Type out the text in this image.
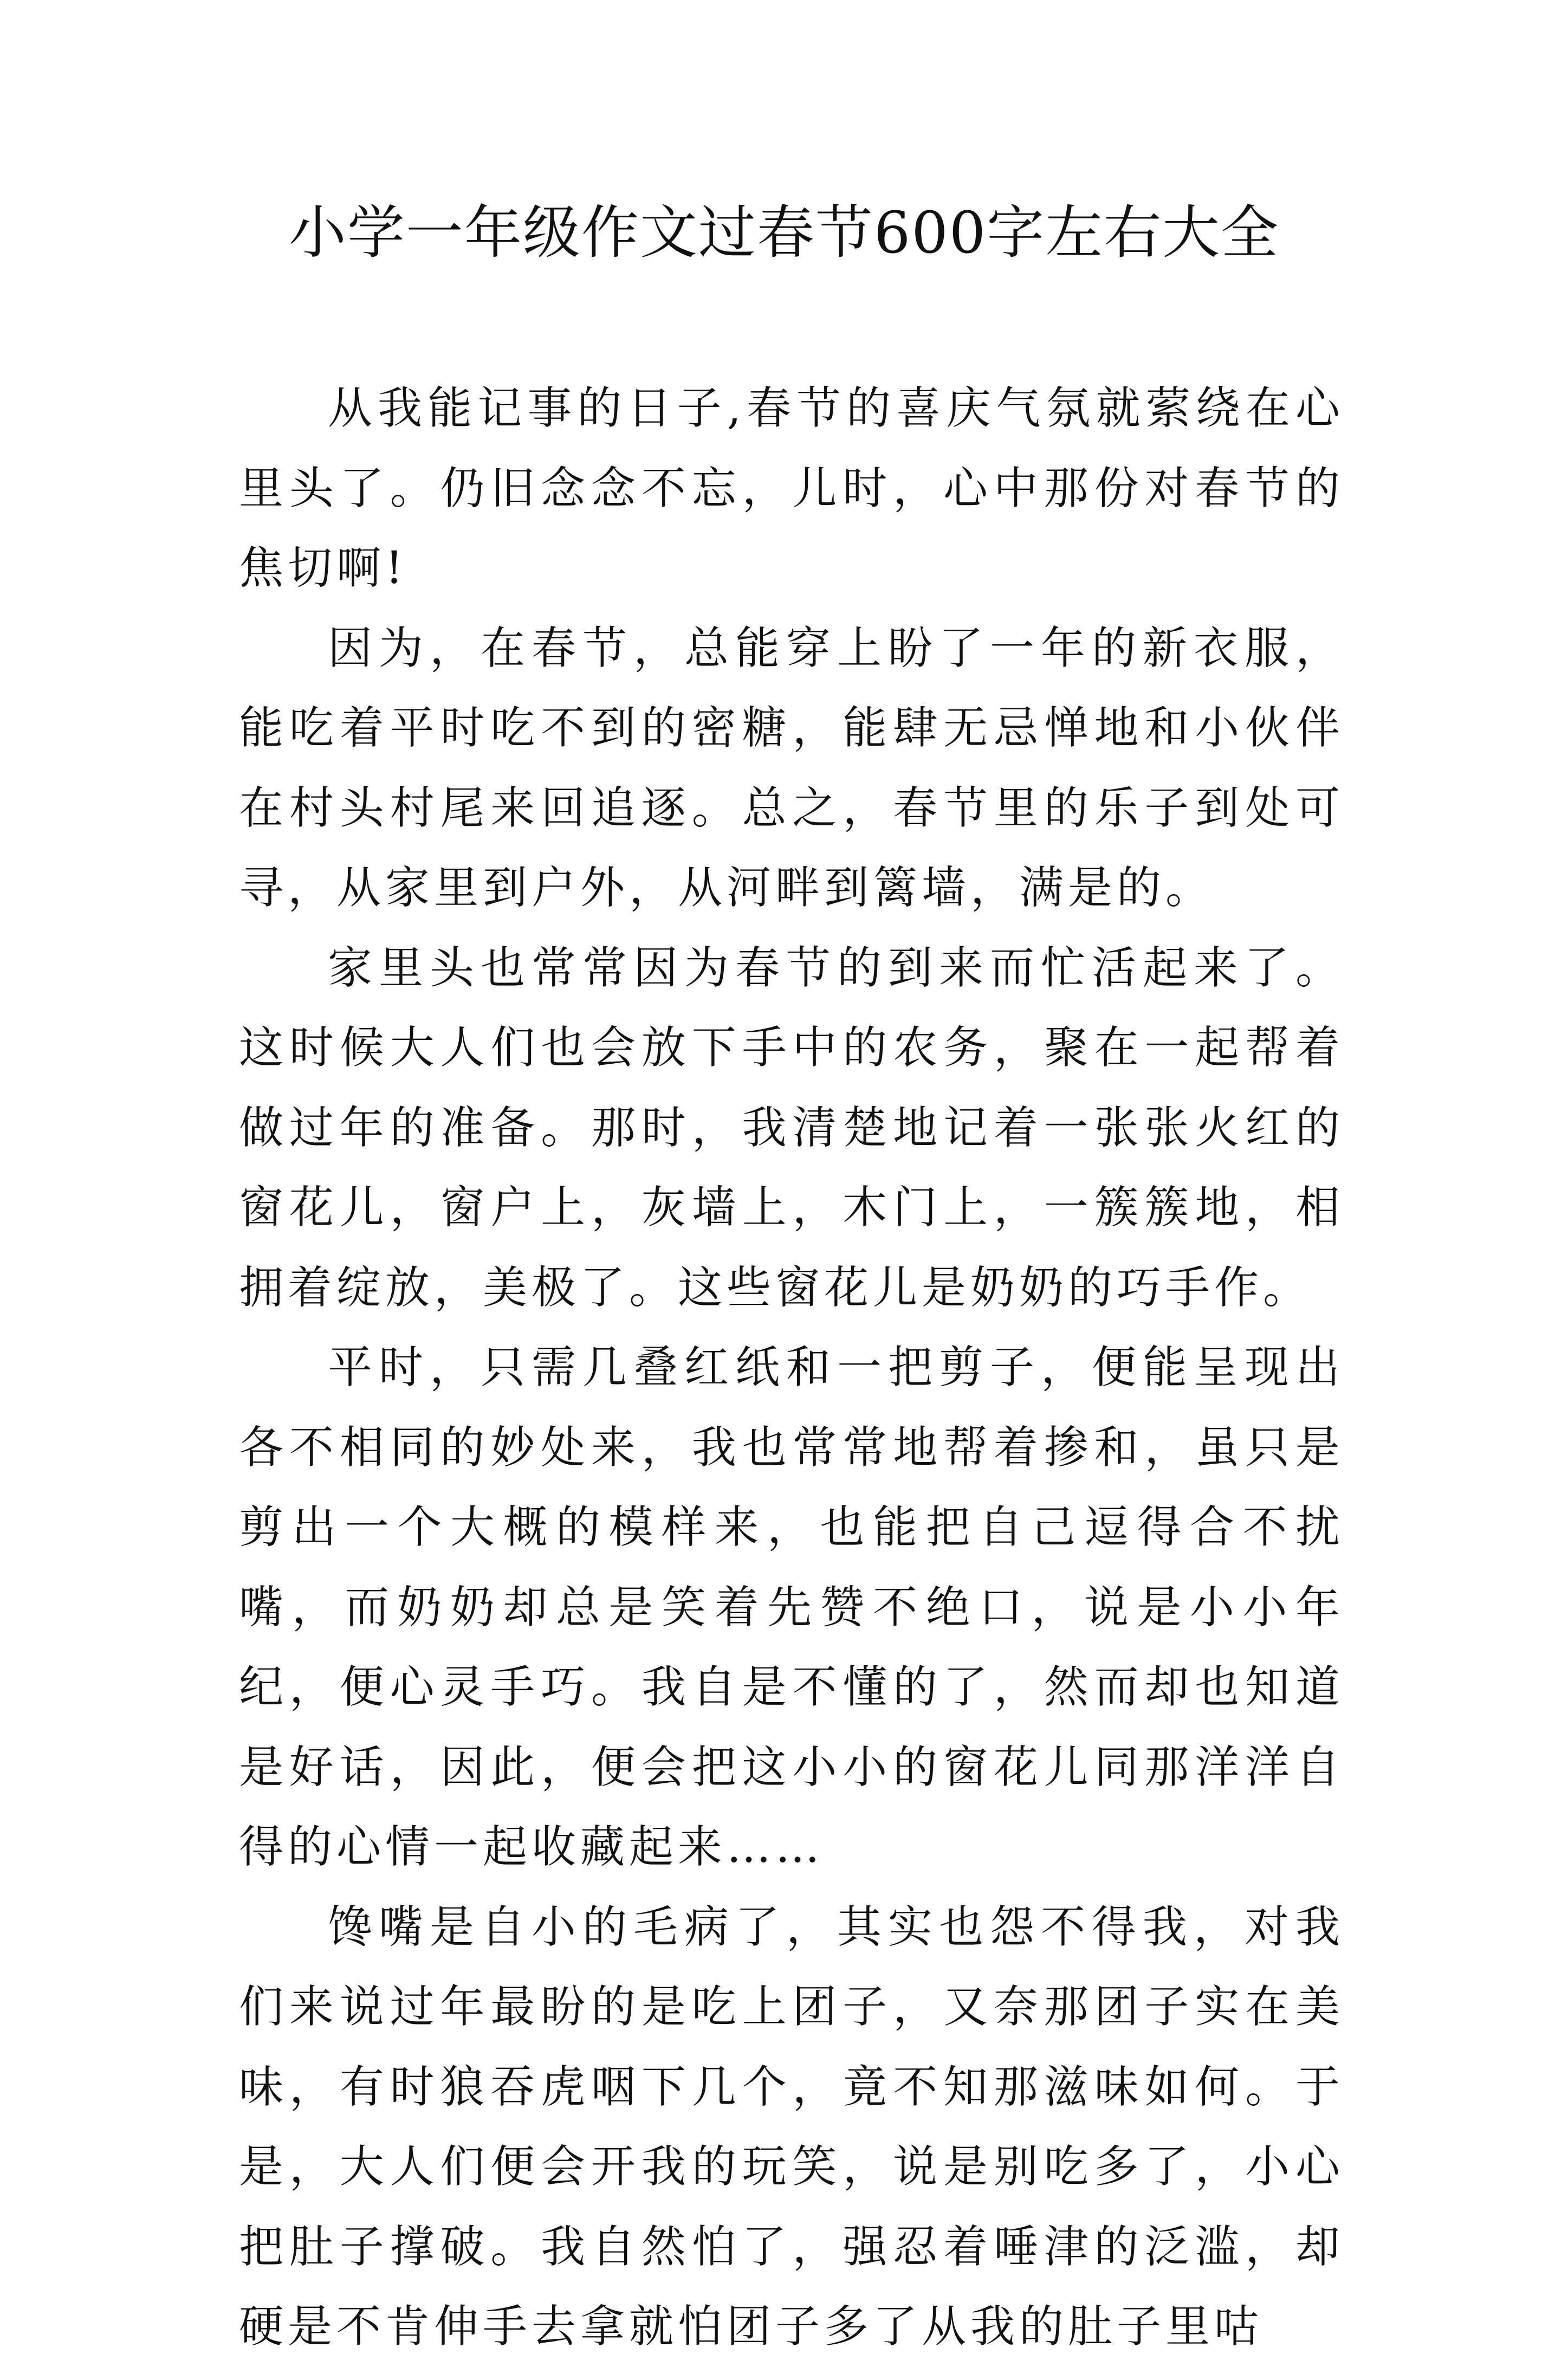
小学一年级作文过春节600字左右大全

从我能记事的日子,春节的喜庆气氛就萦绕在心里头了。仍旧念念不忘，儿时，心中那份对春节的焦切啊!

因为，在春节，总能穿上盼了一年的新衣服，能吃着平时吃不到的密糖，能肆无忌惮地和小伙伴在村头村尾来回追逐。总之，春节里的乐子到处可寻，从家里到户外，从河畔到篱墙，满是的。

家里头也常常因为春节的到来而忙活起来了。这时候大人们也会放下手中的农务，聚在一起帮着做过年的准备。那时，我清楚地记着一张张火红的窗花儿，窗户上，灰墙上，木门上，一簇簇地，相拥着绽放，美极了。这些窗花儿是奶奶的巧手作。

平时，只需几叠红纸和一把剪子，便能呈现出各不相同的妙处来，我也常常地帮着掺和，虽只是剪出一个大概的模样来，也能把自己逗得合不扰嘴，而奶奶却总是笑着先赞不绝口，说是小小年纪，便心灵手巧。我自是不懂的了，然而却也知道是好话，因此，便会把这小小的窗花儿同那洋洋自得的心情一起收藏起来……

馋嘴是自小的毛病了，其实也怨不得我，对我们来说过年最盼的是吃上团子，又奈那团子实在美味，有时狼吞虎咽下几个，竟不知那滋味如何。于是，大人们便会开我的玩笑，说是别吃多了，小心把肚子撑破。我自然怕了，强忍着唾津的泛滥，却硬是不肯伸手去拿就怕团子多了从我的肚子里咕
